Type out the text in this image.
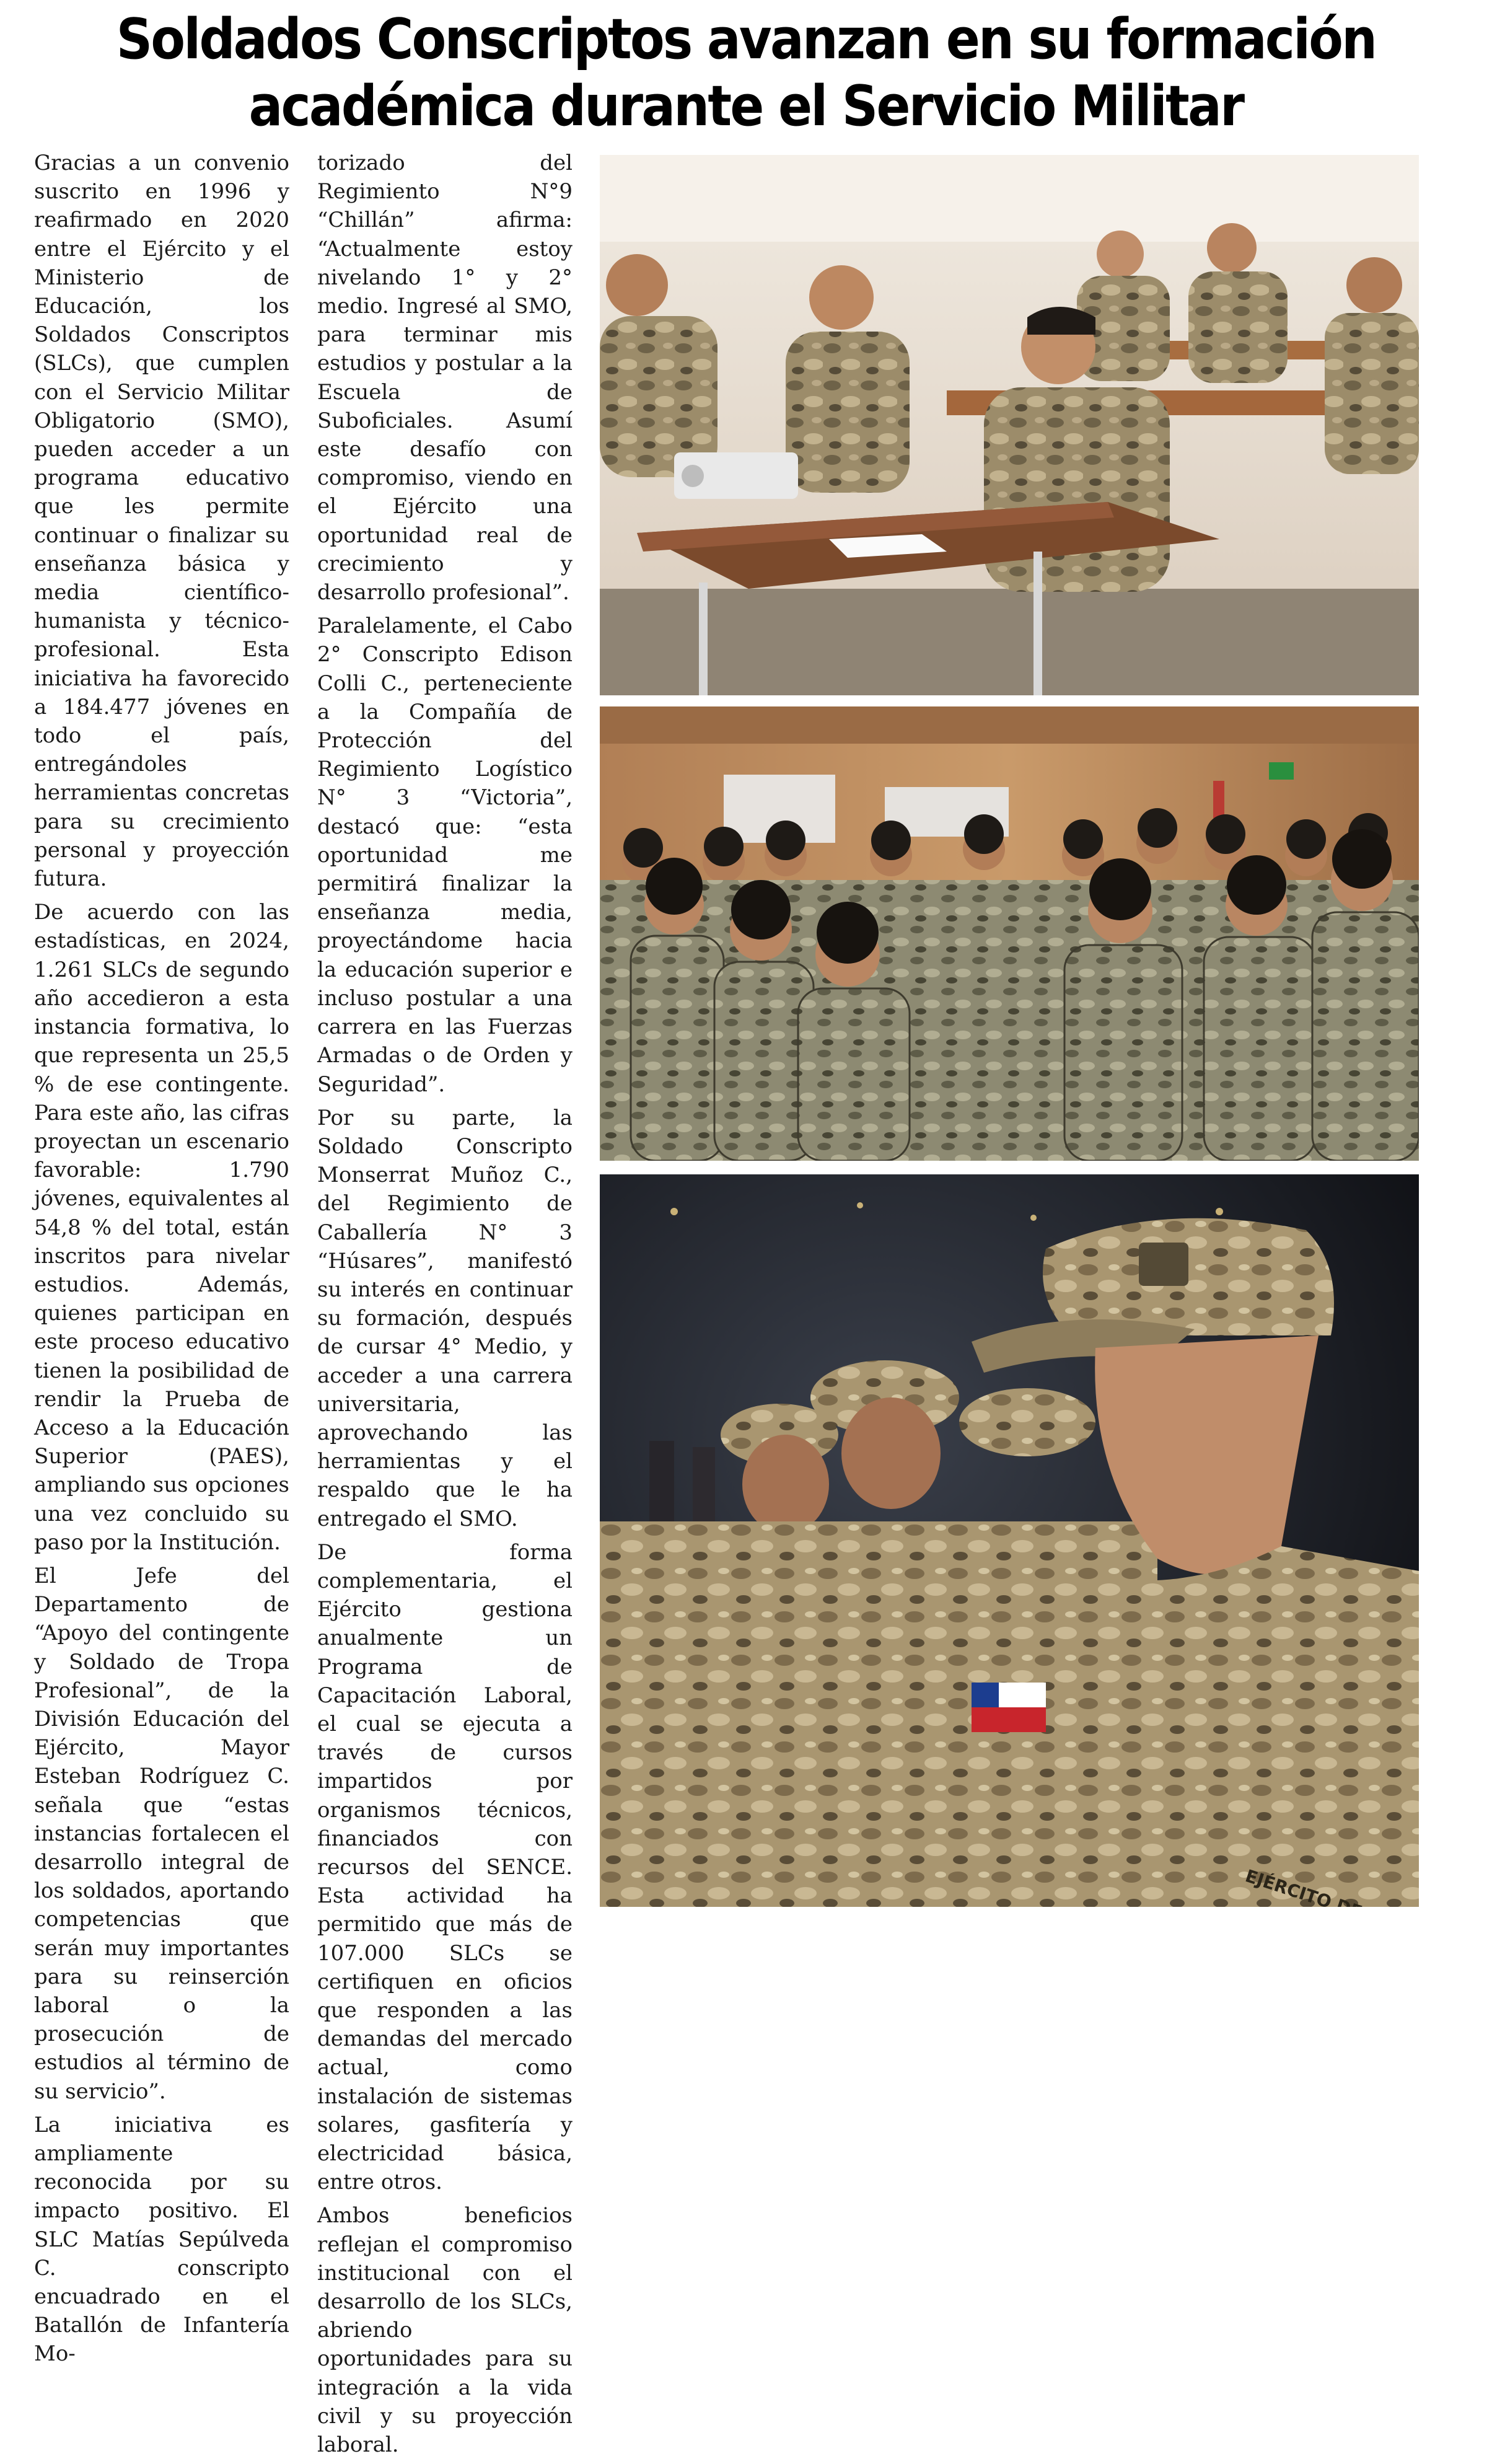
Soldados Conscriptos avanzan en su formación
académica durante el Servicio Militar

Gracias a un convenio suscrito en 1996 y reafirmado en 2020 entre el Ejército y el Ministerio de Educación, los Soldados Conscriptos (SLCs), que cumplen con el Servicio Militar Obligatorio (SMO), pueden acceder a un programa educativo que les permite continuar o finalizar su enseñanza básica y media científico-humanista y técnico-profesional. Esta iniciativa ha favorecido a 184.477 jóvenes en todo el país, entregándoles herramientas concretas para su crecimiento personal y proyección futura.

De acuerdo con las estadísticas, en 2024, 1.261 SLCs de segundo año accedieron a esta instancia formativa, lo que representa un 25,5 % de ese contingente. Para este año, las cifras proyectan un escenario favorable: 1.790 jóvenes, equivalentes al 54,8 % del total, están inscritos para nivelar estudios. Además, quienes participan en este proceso educativo tienen la posibilidad de rendir la Prueba de Acceso a la Educación Superior (PAES), ampliando sus opciones una vez concluido su paso por la Institución.

El Jefe del Departamento de “Apoyo del contingente y Soldado de Tropa Profesional”, de la División Educación del Ejército, Mayor Esteban Rodríguez C. señala que “estas instancias fortalecen el desarrollo integral de los soldados, aportando competencias que serán muy importantes para su reinserción laboral o la prosecución de estudios al término de su servicio”.

La iniciativa es ampliamente reconocida por su impacto positivo. El SLC Matías Sepúlveda C. conscripto encuadrado en el Batallón de Infantería Mo-

torizado del Regimiento N°9 “Chillán” afirma: “Actualmente estoy nivelando 1° y 2° medio. Ingresé al SMO, para terminar mis estudios y postular a la Escuela de Suboficiales. Asumí este desafío con compromiso, viendo en el Ejército una oportunidad real de crecimiento y desarrollo profesional”.

Paralelamente, el Cabo 2° Conscripto Edison Colli C., perteneciente a la Compañía de Protección del Regimiento Logístico N° 3 “Victoria”, destacó que: “esta oportunidad me permitirá finalizar la enseñanza media, proyectándome hacia la educación superior e incluso postular a una carrera en las Fuerzas Armadas o de Orden y Seguridad”.

Por su parte, la Soldado Conscripto Monserrat Muñoz C., del Regimiento de Caballería N° 3 “Húsares”, manifestó su interés en continuar su formación, después de cursar 4° Medio, y acceder a una carrera universitaria, aprovechando las herramientas y el respaldo que le ha entregado el SMO.

De forma complementaria, el Ejército gestiona anualmente un Programa de Capacitación Laboral, el cual se ejecuta a través de cursos impartidos por organismos técnicos, financiados con recursos del SENCE. Esta actividad ha permitido que más de 107.000 SLCs se certifiquen en oficios que responden a las demandas del mercado actual, como instalación de sistemas solares, gasfitería y electricidad básica, entre otros.

Ambos beneficios reflejan el compromiso institucional con el desarrollo de los SLCs, abriendo oportunidades para su integración a la vida civil y su proyección laboral.
